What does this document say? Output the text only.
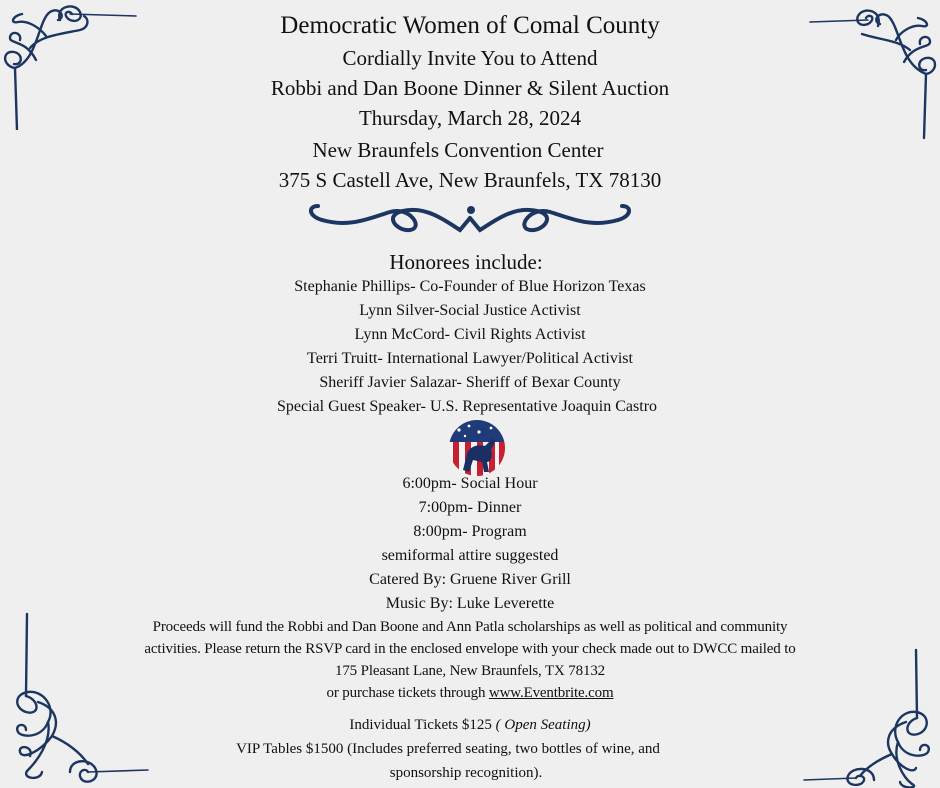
Democratic Women of Comal County
Cordially Invite You to Attend
Robbi and Dan Boone Dinner & Silent Auction
Thursday, March 28, 2024
New Braunfels Convention Center
375 S Castell Ave, New Braunfels, TX 78130
Honorees include:
Stephanie Phillips- Co-Founder of Blue Horizon Texas
Lynn Silver-Social Justice Activist
Lynn McCord- Civil Rights Activist
Terri Truitt- International Lawyer/Political Activist
Sheriff Javier Salazar- Sheriff of Bexar County
Special Guest Speaker- U.S. Representative Joaquin Castro
6:00pm- Social Hour
7:00pm- Dinner
8:00pm- Program
semiformal attire suggested
Catered By: Gruene River Grill
Music By: Luke Leverette
Proceeds will fund the Robbi and Dan Boone and Ann Patla scholarships as well as political and community
activities. Please return the RSVP card in the enclosed envelope with your check made out to DWCC mailed to
175 Pleasant Lane, New Braunfels, TX 78132
or purchase tickets through www.Eventbrite.com
Individual Tickets $125 ( Open Seating)
VIP Tables $1500 (Includes preferred seating, two bottles of wine, and
sponsorship recognition).
